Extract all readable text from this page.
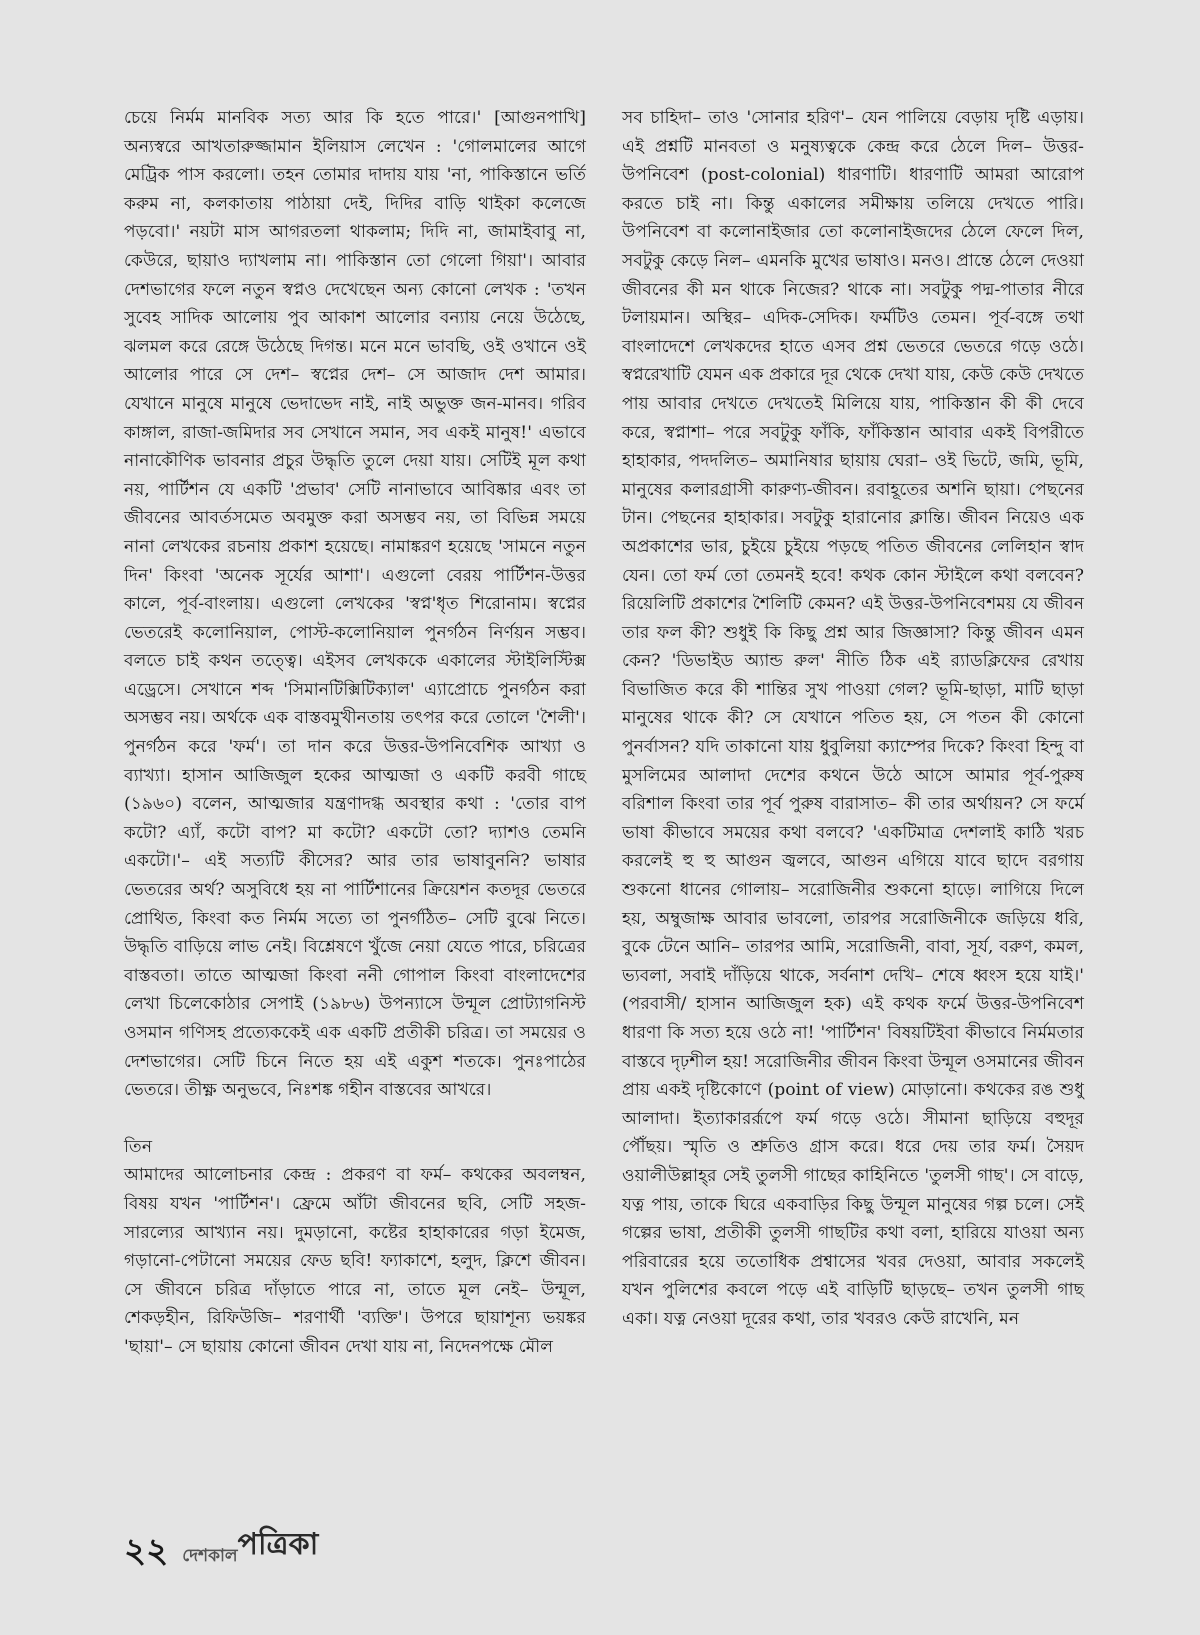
চেয়ে নির্মম মানবিক সত্য আর কি হতে পারে।' [আগুনপাখি] অন্যস্বরে আখতারুজ্জামান ইলিয়াস লেখেন : 'গোলমালের আগে মেট্রিক পাস করলো। তহন তোমার দাদায় যায় 'না, পাকিস্তানে ভর্তি করুম না, কলকাতায় পাঠায়া দেই, দিদির বাড়ি থাইকা কলেজে পড়বো।' নয়টা মাস আগরতলা থাকলাম; দিদি না, জামাইবাবু না, কেউরে, ছায়াও দ্যাখলাম না। পাকিস্তান তো গেলো গিয়া'। আবার দেশভাগের ফলে নতুন স্বপ্নও দেখেছেন অন্য কোনো লেখক : 'তখন সুবেহ সাদিক আলোয় পুব আকাশ আলোর বন্যায় নেয়ে উঠেছে, ঝলমল করে রেঙ্গে উঠেছে দিগন্ত। মনে মনে ভাবছি, ওই ওখানে ওই আলোর পারে সে দেশ– স্বপ্নের দেশ– সে আজাদ দেশ আমার। যেখানে মানুষে মানুষে ভেদাভেদ নাই, নাই অভুক্ত জন-মানব। গরিব কাঙ্গাল, রাজা-জমিদার সব সেখানে সমান, সব একই মানুষ!' এভাবে নানাকৌণিক ভাবনার প্রচুর উদ্ধৃতি তুলে দেয়া যায়। সেটিই মূল কথা নয়, পার্টিশন যে একটি 'প্রভাব' সেটি নানাভাবে আবিষ্কার এবং তা জীবনের আবর্তসমেত অবমুক্ত করা অসম্ভব নয়, তা বিভিন্ন সময়ে নানা লেখকের রচনায় প্রকাশ হয়েছে। নামাঙ্করণ হয়েছে 'সামনে নতুন দিন' কিংবা 'অনেক সূর্যের আশা'। এগুলো বেরয় পার্টিশন-উত্তর কালে, পূর্ব-বাংলায়। এগুলো লেখকের 'স্বপ্ন'ধৃত শিরোনাম। স্বপ্নের ভেতরেই কলোনিয়াল, পোস্ট-কলোনিয়াল পুনর্গঠন নির্ণয়ন সম্ভব। বলতে চাই কথন তত্ত্বে। এইসব লেখককে একালের স্টাইলিস্টিক্স এড্রেসে। সেখানে শব্দ 'সিমানটিক্সিটিক্যাল' এ্যাপ্রোচে পুনর্গঠন করা অসম্ভব নয়। অর্থকে এক বাস্তবমুখীনতায় তৎপর করে তোলে 'শৈলী'। পুনর্গঠন করে 'ফর্ম'। তা দান করে উত্তর-উপনিবেশিক আখ্যা ও ব্যাখ্যা। হাসান আজিজুল হকের আত্মজা ও একটি করবী গাছে (১৯৬০) বলেন, আত্মজার যন্ত্রণাদগ্ধ অবস্থার কথা : 'তোর বাপ কটো? এ্যাঁ, কটো বাপ? মা কটো? একটো তো? দ্যাশও তেমনি একটো।'– এই সত্যটি কীসের? আর তার ভাষাবুননি? ভাষার ভেতরের অর্থ? অসুবিধে হয় না পার্টিশানের ক্রিয়েশন কতদূর ভেতরে প্রোথিত, কিংবা কত নির্মম সত্যে তা পুনর্গঠিত– সেটি বুঝে নিতে। উদ্ধৃতি বাড়িয়ে লাভ নেই। বিশ্লেষণে খুঁজে নেয়া যেতে পারে, চরিত্রের বাস্তবতা। তাতে আত্মজা কিংবা ননী গোপাল কিংবা বাংলাদেশের লেখা চিলেকোঠার সেপাই (১৯৮৬) উপন্যাসে উন্মূল প্রোট্যাগনিস্ট ওসমান গণিসহ প্রত্যেককেই এক একটি প্রতীকী চরিত্র। তা সময়ের ও দেশভাগের। সেটি চিনে নিতে হয় এই একুশ শতকে। পুনঃপাঠের ভেতরে। তীক্ষ্ণ অনুভবে, নিঃশঙ্ক গহীন বাস্তবের আখরে।

তিন

আমাদের আলোচনার কেন্দ্র : প্রকরণ বা ফর্ম– কথকের অবলম্বন, বিষয় যখন 'পার্টিশন'। ফ্রেমে আঁটা জীবনের ছবি, সেটি সহজ-সারল্যের আখ্যান নয়। দুমড়ানো, কষ্টের হাহাকারের গড়া ইমেজ, গড়ানো-পেটানো সময়ের ফেড ছবি! ফ্যাকাশে, হলুদ, ক্লিশে জীবন। সে জীবনে চরিত্র দাঁড়াতে পারে না, তাতে মূল নেই– উন্মূল, শেকড়হীন, রিফিউজি– শরণার্থী 'ব্যক্তি'। উপরে ছায়াশূন্য ভয়ঙ্কর 'ছায়া'– সে ছায়ায় কোনো জীবন দেখা যায় না, নিদেনপক্ষে মৌল

সব চাহিদা– তাও 'সোনার হরিণ'– যেন পালিয়ে বেড়ায় দৃষ্টি এড়ায়। এই প্রশ্নটি মানবতা ও মনুষ্যত্বকে কেন্দ্র করে ঠেলে দিল– উত্তর-উপনিবেশ (post-colonial) ধারণাটি। ধারণাটি আমরা আরোপ করতে চাই না। কিন্তু একালের সমীক্ষায় তলিয়ে দেখতে পারি। উপনিবেশ বা কলোনাইজার তো কলোনাইজদের ঠেলে ফেলে দিল, সবটুকু কেড়ে নিল– এমনকি মুখের ভাষাও। মনও। প্রান্তে ঠেলে দেওয়া জীবনের কী মন থাকে নিজের? থাকে না। সবটুকু পদ্ম-পাতার নীরে টলায়মান। অস্থির– এদিক-সেদিক। ফর্মটিও তেমন। পূর্ব-বঙ্গে তথা বাংলাদেশে লেখকদের হাতে এসব প্রশ্ন ভেতরে ভেতরে গড়ে ওঠে। স্বপ্নরেখাটি যেমন এক প্রকারে দূর থেকে দেখা যায়, কেউ কেউ দেখতে পায় আবার দেখতে দেখতেই মিলিয়ে যায়, পাকিস্তান কী কী দেবে করে, স্বপ্নাশা– পরে সবটুকু ফাঁকি, ফাঁকিস্তান আবার একই বিপরীতে হাহাকার, পদদলিত– অমানিষার ছায়ায় ঘেরা– ওই ভিটে, জমি, ভূমি, মানুষের কলারগ্রাসী কারুণ্য-জীবন। রবাহূতের অশনি ছায়া। পেছনের টান। পেছনের হাহাকার। সবটুকু হারানোর ক্লান্তি। জীবন নিয়েও এক অপ্রকাশের ভার, চুইয়ে চুইয়ে পড়ছে পতিত জীবনের লেলিহান স্বাদ যেন। তো ফর্ম তো তেমনই হবে! কথক কোন স্টাইলে কথা বলবেন? রিয়েলিটি প্রকাশের শৈলিটি কেমন? এই উত্তর-উপনিবেশময় যে জীবন তার ফল কী? শুধুই কি কিছু প্রশ্ন আর জিজ্ঞাসা? কিন্তু জীবন এমন কেন? 'ডিভাইড অ্যান্ড রুল' নীতি ঠিক এই র‍্যাডক্লিফের রেখায় বিভাজিত করে কী শান্তির সুখ পাওয়া গেল? ভূমি-ছাড়া, মাটি ছাড়া মানুষের থাকে কী? সে যেখানে পতিত হয়, সে পতন কী কোনো পুনর্বাসন? যদি তাকানো যায় ধুবুলিয়া ক্যাম্পের দিকে? কিংবা হিন্দু বা মুসলিমের আলাদা দেশের কথনে উঠে আসে আমার পূর্ব-পুরুষ বরিশাল কিংবা তার পূর্ব পুরুষ বারাসাত– কী তার অর্থায়ন? সে ফর্মে ভাষা কীভাবে সময়ের কথা বলবে? 'একটিমাত্র দেশলাই কাঠি খরচ করলেই হু হু আগুন জ্বলবে, আগুন এগিয়ে যাবে ছাদে বরগায় শুকনো ধানের গোলায়– সরোজিনীর শুকনো হাড়ে। লাগিয়ে দিলে হয়, অম্বুজাক্ষ আবার ভাবলো, তারপর সরোজিনীকে জড়িয়ে ধরি, বুকে টেনে আনি– তারপর আমি, সরোজিনী, বাবা, সূর্য, বরুণ, কমল, ভ্যবলা, সবাই দাঁড়িয়ে থাকে, সর্বনাশ দেখি– শেষে ধ্বংস হয়ে যাই।' (পরবাসী/ হাসান আজিজুল হক) এই কথক ফর্মে উত্তর-উপনিবেশ ধারণা কি সত্য হয়ে ওঠে না! 'পার্টিশন' বিষয়টিইবা কীভাবে নির্মমতার বাস্তবে দৃঢ়শীল হয়! সরোজিনীর জীবন কিংবা উন্মূল ওসমানের জীবন প্রায় একই দৃষ্টিকোণে (point of view) মোড়ানো। কথকের রঙ শুধু আলাদা। ইত্যাকারর্রূপে ফর্ম গড়ে ওঠে। সীমানা ছাড়িয়ে বহুদূর পৌঁছয়। স্মৃতি ও শ্রুতিও গ্রাস করে। ধরে দেয় তার ফর্ম। সৈয়দ ওয়ালীউল্লাহ্‌র সেই তুলসী গাছের কাহিনিতে 'তুলসী গাছ'। সে বাড়ে, যত্ন পায়, তাকে ঘিরে একবাড়ির কিছু উন্মূল মানুষের গল্প চলে। সেই গল্পের ভাষা, প্রতীকী তুলসী গাছটির কথা বলা, হারিয়ে যাওয়া অন্য পরিবারের হয়ে ততোধিক প্রশ্বাসের খবর দেওয়া, আবার সকলেই যখন পুলিশের কবলে পড়ে এই বাড়িটি ছাড়ছে– তখন তুলসী গাছ একা। যত্ন নেওয়া দূরের কথা, তার খবরও কেউ রাখেনি, মন

২২ দেশকাল পত্রিকা
